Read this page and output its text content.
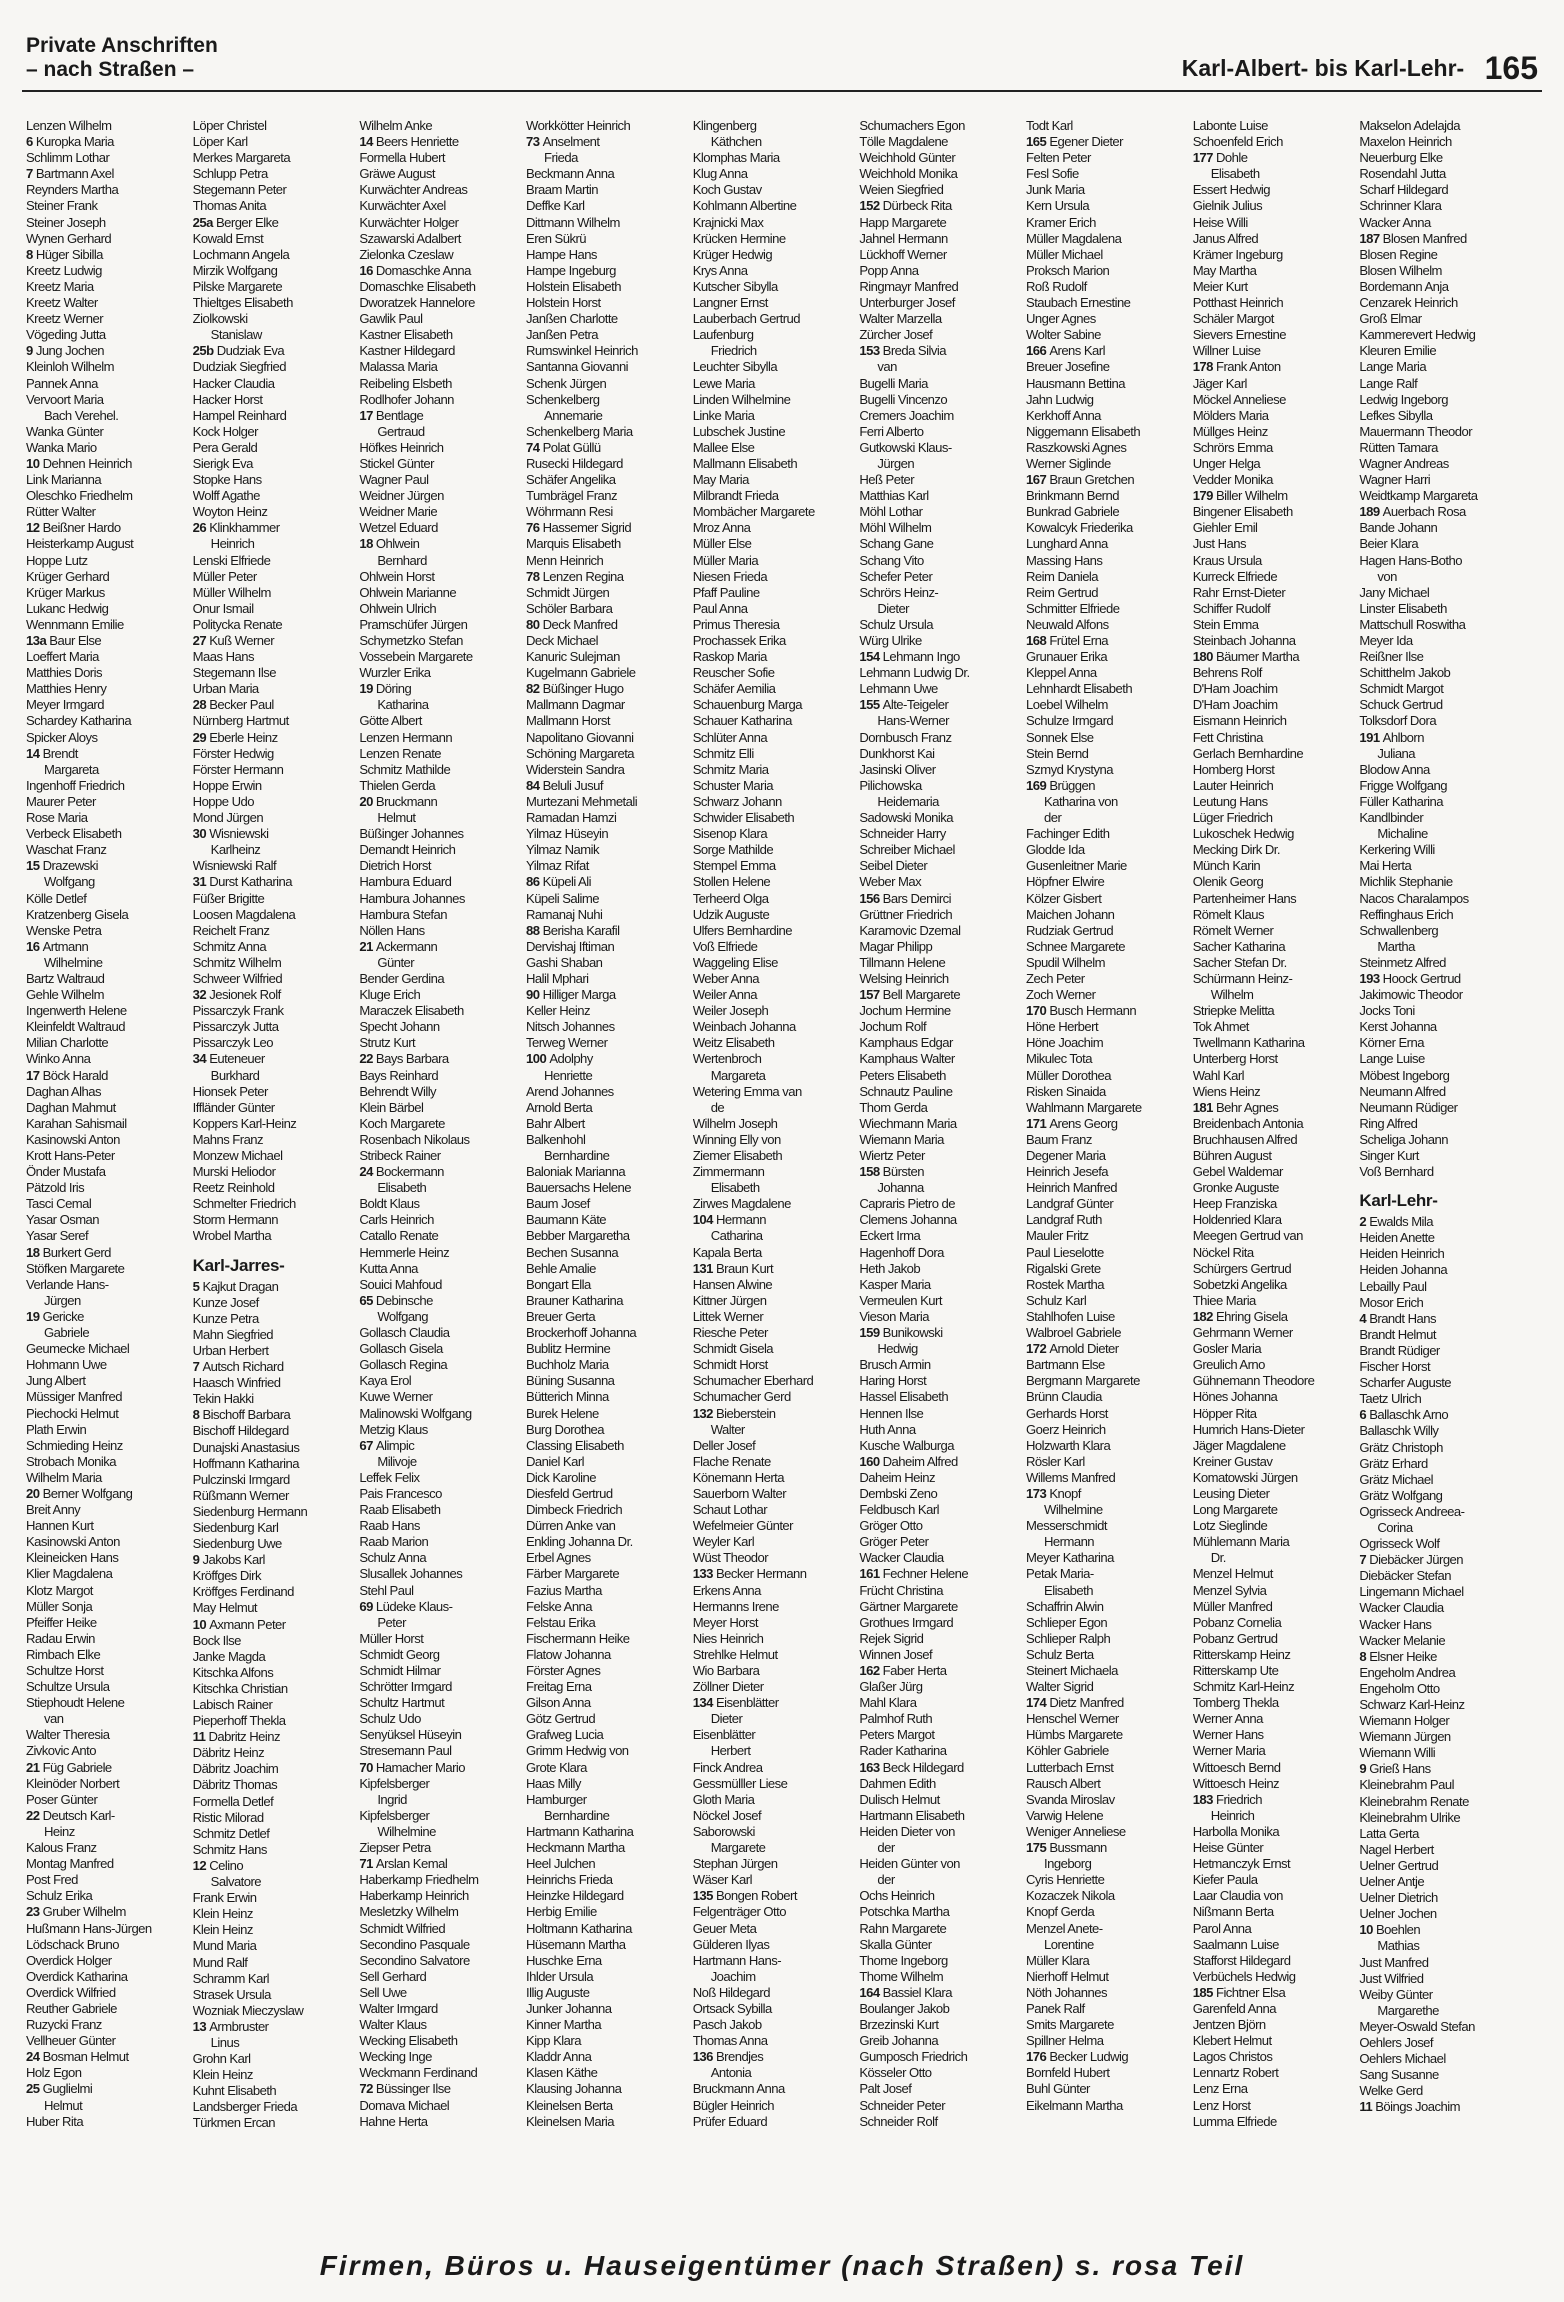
Private Anschriften
– nach Straßen –	Karl-Albert- bis Karl-Lehr- 165
Lenzen Wilhelm
6 Kuropka Maria
Schlimm Lothar
7 Bartmann Axel
Reynders Martha
Steiner Frank
Steiner Joseph
Wynen Gerhard
8 Hüger Sibilla
Kreetz Ludwig
Kreetz Maria
Kreetz Walter
Kreetz Werner
Vögeding Jutta
9 Jung Jochen
Kleinloh Wilhelm
Pannek Anna
Vervoort Maria
Bach Verehel.
Wanka Günter
Wanka Mario
10 Dehnen Heinrich
Link Marianna
Oleschko Friedhelm
Rütter Walter
12 Beißner Hardo
Heisterkamp August
Hoppe Lutz
Krüger Gerhard
Krüger Markus
Lukanc Hedwig
Wennmann Emilie
13a Baur Else
Loeffert Maria
Matthies Doris
Matthies Henry
Meyer Irmgard
Schardey Katharina
Spicker Aloys
14 Brendt
Margareta
Ingenhoff Friedrich
Maurer Peter
Rose Maria
Verbeck Elisabeth
Waschat Franz
15 Drazewski
Wolfgang
Kölle Detlef
Kratzenberg Gisela
Wenske Petra
16 Artmann
Wilhelmine
Bartz Waltraud
Gehle Wilhelm
Ingenwerth Helene
Kleinfeldt Waltraud
Milian Charlotte
Winko Anna
17 Böck Harald
Daghan Alhas
Daghan Mahmut
Karahan Sahismail
Kasinowski Anton
Krott Hans-Peter
Önder Mustafa
Pätzold Iris
Tasci Cemal
Yasar Osman
Yasar Seref
18 Burkert Gerd
Stöfken Margarete
Verlande Hans-
Jürgen
19 Gericke
Gabriele
Geumecke Michael
Hohmann Uwe
Jung Albert
Müssiger Manfred
Piechocki Helmut
Plath Erwin
Schmieding Heinz
Strobach Monika
Wilhelm Maria
20 Berner Wolfgang
Breit Anny
Hannen Kurt
Kasinowski Anton
Kleineicken Hans
Klier Magdalena
Klotz Margot
Müller Sonja
Pfeiffer Heike
Radau Erwin
Rimbach Elke
Schultze Horst
Schultze Ursula
Stiephoudt Helene
van
Walter Theresia
Zivkovic Anto
21 Füg Gabriele
Kleinöder Norbert
Poser Günter
22 Deutsch Karl-
Heinz
Kalous Franz
Montag Manfred
Post Fred
Schulz Erika
23 Gruber Wilhelm
Hußmann Hans-Jürgen
Lödschack Bruno
Overdick Holger
Overdick Katharina
Overdick Wilfried
Reuther Gabriele
Ruzycki Franz
Vellheuer Günter
24 Bosman Helmut
Holz Egon
25 Guglielmi
Helmut
Huber Rita
Löper Christel
Löper Karl
Merkes Margareta
Schlupp Petra
Stegemann Peter
Thomas Anita
25a Berger Elke
Kowald Ernst
Lochmann Angela
Mirzik Wolfgang
Pilske Margarete
Thieltges Elisabeth
Ziolkowski
Stanislaw
25b Dudziak Eva
Dudziak Siegfried
Hacker Claudia
Hacker Horst
Hampel Reinhard
Kock Holger
Pera Gerald
Sierigk Eva
Stopke Hans
Wolff Agathe
Woyton Heinz
26 Klinkhammer
Heinrich
Lenski Elfriede
Müller Peter
Müller Wilhelm
Onur Ismail
Politycka Renate
27 Kuß Werner
Maas Hans
Stegemann Ilse
Urban Maria
28 Becker Paul
Nürnberg Hartmut
29 Eberle Heinz
Förster Hedwig
Förster Hermann
Hoppe Erwin
Hoppe Udo
Mond Jürgen
30 Wisniewski
Karlheinz
Wisniewski Ralf
31 Durst Katharina
Füßer Brigitte
Loosen Magdalena
Reichelt Franz
Schmitz Anna
Schmitz Wilhelm
Schweer Wilfried
32 Jesionek Rolf
Pissarczyk Frank
Pissarczyk Jutta
Pissarczyk Leo
34 Euteneuer
Burkhard
Hionsek Peter
Iffländer Günter
Koppers Karl-Heinz
Mahns Franz
Monzew Michael
Murski Heliodor
Reetz Reinhold
Schmelter Friedrich
Storm Hermann
Wrobel Martha
Karl-Jarres-
5 Kajkut Dragan
Kunze Josef
Kunze Petra
Mahn Siegfried
Urban Herbert
7 Autsch Richard
Haasch Winfried
Tekin Hakki
8 Bischoff Barbara
Bischoff Hildegard
Dunajski Anastasius
Hoffmann Katharina
Pulczinski Irmgard
Rüßmann Werner
Siedenburg Hermann
Siedenburg Karl
Siedenburg Uwe
9 Jakobs Karl
Kröffges Dirk
Kröffges Ferdinand
May Helmut
10 Axmann Peter
Bock Ilse
Janke Magda
Kitschka Alfons
Kitschka Christian
Labisch Rainer
Pieperhoff Thekla
11 Dabritz Heinz
Däbritz Heinz
Däbritz Joachim
Däbritz Thomas
Formella Detlef
Ristic Milorad
Schmitz Detlef
Schmitz Hans
12 Celino
Salvatore
Frank Erwin
Klein Heinz
Klein Heinz
Mund Maria
Mund Ralf
Schramm Karl
Strasek Ursula
Wozniak Mieczyslaw
13 Armbruster
Linus
Grohn Karl
Klein Heinz
Kuhnt Elisabeth
Landsberger Frieda
Türkmen Ercan
Wilhelm Anke
14 Beers Henriette
Formella Hubert
Gräwe August
Kurwächter Andreas
Kurwächter Axel
Kurwächter Holger
Szawarski Adalbert
Zielonka Czeslaw
16 Domaschke Anna
Domaschke Elisabeth
Dworatzek Hannelore
Gawlik Paul
Kastner Elisabeth
Kastner Hildegard
Malassa Maria
Reibeling Elsbeth
Rodlhofer Johann
17 Bentlage
Gertraud
Höfkes Heinrich
Stickel Günter
Wagner Paul
Weidner Jürgen
Weidner Marie
Wetzel Eduard
18 Ohlwein
Bernhard
Ohlwein Horst
Ohlwein Marianne
Ohlwein Ulrich
Pramschüfer Jürgen
Schymetzko Stefan
Vossebein Margarete
Wurzler Erika
19 Döring
Katharina
Götte Albert
Lenzen Hermann
Lenzen Renate
Schmitz Mathilde
Thielen Gerda
20 Bruckmann
Helmut
Büßinger Johannes
Demandt Heinrich
Dietrich Horst
Hambura Eduard
Hambura Johannes
Hambura Stefan
Nöllen Hans
21 Ackermann
Günter
Bender Gerdina
Kluge Erich
Maraczek Elisabeth
Specht Johann
Strutz Kurt
22 Bays Barbara
Bays Reinhard
Behrendt Willy
Klein Bärbel
Koch Margarete
Rosenbach Nikolaus
Stribeck Rainer
24 Bockermann
Elisabeth
Boldt Klaus
Carls Heinrich
Catallo Renate
Hemmerle Heinz
Kutta Anna
Souici Mahfoud
65 Debinsche
Wolfgang
Gollasch Claudia
Gollasch Gisela
Gollasch Regina
Kaya Erol
Kuwe Werner
Malinowski Wolfgang
Metzig Klaus
67 Alimpic
Milivoje
Leffek Felix
Pais Francesco
Raab Elisabeth
Raab Hans
Raab Marion
Schulz Anna
Slusallek Johannes
Stehl Paul
69 Lüdeke Klaus-
Peter
Müller Horst
Schmidt Georg
Schmidt Hilmar
Schrötter Irmgard
Schultz Hartmut
Schulz Udo
Senyüksel Hüseyin
Stresemann Paul
70 Hamacher Mario
Kipfelsberger
Ingrid
Kipfelsberger
Wilhelmine
Ziepser Petra
71 Arslan Kemal
Haberkamp Friedhelm
Haberkamp Heinrich
Mesletzky Wilhelm
Schmidt Wilfried
Secondino Pasquale
Secondino Salvatore
Sell Gerhard
Sell Uwe
Walter Irmgard
Walter Klaus
Wecking Elisabeth
Wecking Inge
Weckmann Ferdinand
72 Büssinger Ilse
Domava Michael
Hahne Herta
Workkötter Heinrich
73 Anselment
Frieda
Beckmann Anna
Braam Martin
Deffke Karl
Dittmann Wilhelm
Eren Sükrü
Hampe Hans
Hampe Ingeburg
Holstein Elisabeth
Holstein Horst
Janßen Charlotte
Janßen Petra
Rumswinkel Heinrich
Santanna Giovanni
Schenk Jürgen
Schenkelberg
Annemarie
Schenkelberg Maria
74 Polat Güllü
Rusecki Hildegard
Schäfer Angelika
Tumbrägel Franz
Wöhrmann Resi
76 Hassemer Sigrid
Marquis Elisabeth
Menn Heinrich
78 Lenzen Regina
Schmidt Jürgen
Schöler Barbara
80 Deck Manfred
Deck Michael
Kanuric Sulejman
Kugelmann Gabriele
82 Büßinger Hugo
Mallmann Dagmar
Mallmann Horst
Napolitano Giovanni
Schöning Margareta
Widerstein Sandra
84 Beluli Jusuf
Murtezani Mehmetali
Ramadan Hamzi
Yilmaz Hüseyin
Yilmaz Namik
Yilmaz Rifat
86 Küpeli Ali
Küpeli Salime
Ramanaj Nuhi
88 Berisha Karafil
Dervishaj Iftiman
Gashi Shaban
Halil Mphari
90 Hilliger Marga
Keller Heinz
Nitsch Johannes
Terweg Werner
100 Adolphy
Henriette
Arend Johannes
Arnold Berta
Bahr Albert
Balkenhohl
Bernhardine
Baloniak Marianna
Bauersachs Helene
Baum Josef
Baumann Käte
Bebber Margaretha
Bechen Susanna
Behle Amalie
Bongart Ella
Brauner Katharina
Breuer Gerta
Brockerhoff Johanna
Bublitz Hermine
Buchholz Maria
Büning Susanna
Bütterich Minna
Burek Helene
Burg Dorothea
Classing Elisabeth
Daniel Karl
Dick Karoline
Diesfeld Gertrud
Dimbeck Friedrich
Dürren Anke van
Enkling Johanna Dr.
Erbel Agnes
Färber Margarete
Fazius Martha
Felske Anna
Felstau Erika
Fischermann Heike
Flatow Johanna
Förster Agnes
Freitag Erna
Gilson Anna
Götz Gertrud
Grafweg Lucia
Grimm Hedwig von
Grote Klara
Haas Milly
Hamburger
Bernhardine
Hartmann Katharina
Heckmann Martha
Heel Julchen
Heinrichs Frieda
Heinzke Hildegard
Herbig Emilie
Holtmann Katharina
Hüsemann Martha
Huschke Erna
Ihlder Ursula
Illig Auguste
Junker Johanna
Kinner Martha
Kipp Klara
Kladdr Anna
Klasen Käthe
Klausing Johanna
Kleinelsen Berta
Kleinelsen Maria
Klingenberg
Käthchen
Klomphas Maria
Klug Anna
Koch Gustav
Kohlmann Albertine
Krajnicki Max
Krücken Hermine
Krüger Hedwig
Krys Anna
Kutscher Sibylla
Langner Ernst
Lauberbach Gertrud
Laufenburg
Friedrich
Leuchter Sibylla
Lewe Maria
Linden Wilhelmine
Linke Maria
Lubschek Justine
Mallee Else
Mallmann Elisabeth
May Maria
Milbrandt Frieda
Mombächer Margarete
Mroz Anna
Müller Else
Müller Maria
Niesen Frieda
Pfaff Pauline
Paul Anna
Primus Theresia
Prochassek Erika
Raskop Maria
Reuscher Sofie
Schäfer Aemilia
Schauenburg Marga
Schauer Katharina
Schlüter Anna
Schmitz Elli
Schmitz Maria
Schuster Maria
Schwarz Johann
Schwider Elisabeth
Sisenop Klara
Sorge Mathilde
Stempel Emma
Stollen Helene
Terheerd Olga
Udzik Auguste
Ulfers Bernhardine
Voß Elfriede
Waggeling Elise
Weber Anna
Weiler Anna
Weiler Joseph
Weinbach Johanna
Weitz Elisabeth
Wertenbroch
Margareta
Wetering Emma van
de
Wilhelm Joseph
Winning Elly von
Ziemer Elisabeth
Zimmermann
Elisabeth
Zirwes Magdalene
104 Hermann
Catharina
Kapala Berta
131 Braun Kurt
Hansen Alwine
Kittner Jürgen
Littek Werner
Riesche Peter
Schmidt Gisela
Schmidt Horst
Schumacher Eberhard
Schumacher Gerd
132 Bieberstein
Walter
Deller Josef
Flache Renate
Könemann Herta
Sauerborn Walter
Schaut Lothar
Wefelmeier Günter
Weyler Karl
Wüst Theodor
133 Becker Hermann
Erkens Anna
Hermanns Irene
Meyer Horst
Nies Heinrich
Strehlke Helmut
Wio Barbara
Zöllner Dieter
134 Eisenblätter
Dieter
Eisenblätter
Herbert
Finck Andrea
Gessmülller Liese
Gloth Maria
Nöckel Josef
Saborowski
Margarete
Stephan Jürgen
Wäser Karl
135 Bongen Robert
Felgenträger Otto
Geuer Meta
Gülderen Ilyas
Hartmann Hans-
Joachim
Noß Hildegard
Ortsack Sybilla
Pasch Jakob
Thomas Anna
136 Brendjes
Antonia
Bruckmann Anna
Bügler Heinrich
Prüfer Eduard
Schumachers Egon
Tölle Magdalene
Weichhold Günter
Weichhold Monika
Weien Siegfried
152 Dürbeck Rita
Happ Margarete
Jahnel Hermann
Lückhoff Werner
Popp Anna
Ringmayr Manfred
Unterburger Josef
Walter Marzella
Zürcher Josef
153 Breda Silvia
van
Bugelli Maria
Bugelli Vincenzo
Cremers Joachim
Ferri Alberto
Gutkowski Klaus-
Jürgen
Heß Peter
Matthias Karl
Möhl Lothar
Möhl Wilhelm
Schang Gane
Schang Vito
Schefer Peter
Schrörs Heinz-
Dieter
Schulz Ursula
Würg Ulrike
154 Lehmann Ingo
Lehmann Ludwig Dr.
Lehmann Uwe
155 Alte-Teigeler
Hans-Werner
Dornbusch Franz
Dunkhorst Kai
Jasinski Oliver
Pilichowska
Heidemaria
Sadowski Monika
Schneider Harry
Schreiber Michael
Seibel Dieter
Weber Max
156 Bars Demirci
Grüttner Friedrich
Karamovic Dzemal
Magar Philipp
Tillmann Helene
Welsing Heinrich
157 Bell Margarete
Jochum Hermine
Jochum Rolf
Kamphaus Edgar
Kamphaus Walter
Peters Elisabeth
Schnautz Pauline
Thom Gerda
Wiechmann Maria
Wiemann Maria
Wiertz Peter
158 Bürsten
Johanna
Capraris Pietro de
Clemens Johanna
Eckert Irma
Hagenhoff Dora
Heth Jakob
Kasper Maria
Vermeulen Kurt
Vieson Maria
159 Bunikowski
Hedwig
Brusch Armin
Haring Horst
Hassel Elisabeth
Hennen Ilse
Huth Anna
Kusche Walburga
160 Daheim Alfred
Daheim Heinz
Dembski Zeno
Feldbusch Karl
Gröger Otto
Gröger Peter
Wacker Claudia
161 Fechner Helene
Frücht Christina
Gärtner Margarete
Grothues Irmgard
Rejek Sigrid
Winnen Josef
162 Faber Herta
Glaßer Jürg
Mahl Klara
Palmhof Ruth
Peters Margot
Rader Katharina
163 Beck Hildegard
Dahmen Edith
Dulisch Helmut
Hartmann Elisabeth
Heiden Dieter von
der
Heiden Günter von
der
Ochs Heinrich
Potschka Martha
Rahn Margarete
Skalla Günter
Thome Ingeborg
Thome Wilhelm
164 Bassiel Klara
Boulanger Jakob
Brzezinski Kurt
Greib Johanna
Gumposch Friedrich
Kösseler Otto
Palt Josef
Schneider Peter
Schneider Rolf
Todt Karl
165 Egener Dieter
Felten Peter
Fesl Sofie
Junk Maria
Kern Ursula
Kramer Erich
Müller Magdalena
Müller Michael
Proksch Marion
Roß Rudolf
Staubach Ernestine
Unger Agnes
Wolter Sabine
166 Arens Karl
Breuer Josefine
Hausmann Bettina
Jahn Ludwig
Kerkhoff Anna
Niggemann Elisabeth
Raszkowski Agnes
Werner Siglinde
167 Braun Gretchen
Brinkmann Bernd
Bunkrad Gabriele
Kowalcyk Friederika
Lunghard Anna
Massing Hans
Reim Daniela
Reim Gertrud
Schmitter Elfriede
Neuwald Alfons
168 Frütel Erna
Grunauer Erika
Kleppel Anna
Lehnhardt Elisabeth
Loebel Wilhelm
Schulze Irmgard
Sonnek Else
Stein Bernd
Szmyd Krystyna
169 Brüggen
Katharina von
der
Fachinger Edith
Glodde Ida
Gusenleitner Marie
Höpfner Elwire
Kölzer Gisbert
Maichen Johann
Rudziak Gertrud
Schnee Margarete
Spudil Wilhelm
Zech Peter
Zoch Werner
170 Busch Hermann
Höne Herbert
Höne Joachim
Mikulec Tota
Müller Dorothea
Risken Sinaida
Wahlmann Margarete
171 Arens Georg
Baum Franz
Degener Maria
Heinrich Jesefa
Heinrich Manfred
Landgraf Günter
Landgraf Ruth
Mauler Fritz
Paul Lieselotte
Rigalski Grete
Rostek Martha
Schulz Karl
Stahlhofen Luise
Walbroel Gabriele
172 Arnold Dieter
Bartmann Else
Bergmann Margarete
Brünn Claudia
Gerhards Horst
Goerz Heinrich
Holzwarth Klara
Rösler Karl
Willems Manfred
173 Knopf
Wilhelmine
Messerschmidt
Hermann
Meyer Katharina
Petak Maria-
Elisabeth
Schaffrin Alwin
Schlieper Egon
Schlieper Ralph
Schulz Berta
Steinert Michaela
Walter Sigrid
174 Dietz Manfred
Henschel Werner
Hümbs Margarete
Köhler Gabriele
Lutterbach Ernst
Rausch Albert
Svanda Miroslav
Varwig Helene
Weniger Anneliese
175 Bussmann
Ingeborg
Cyris Henriette
Kozaczek Nikola
Knopf Gerda
Menzel Anete-
Lorentine
Müller Klara
Nierhoff Helmut
Nöth Johannes
Panek Ralf
Smits Margarete
Spillner Helma
176 Becker Ludwig
Bornfeld Hubert
Buhl Günter
Eikelmann Martha
Labonte Luise
Schoenfeld Erich
177 Dohle
Elisabeth
Essert Hedwig
Gielnik Julius
Heise Willi
Janus Alfred
Krämer Ingeburg
May Martha
Meier Kurt
Potthast Heinrich
Schäler Margot
Sievers Ernestine
Willner Luise
178 Frank Anton
Jäger Karl
Möckel Anneliese
Mölders Maria
Müllges Heinz
Schrörs Emma
Unger Helga
Vedder Monika
179 Biller Wilhelm
Bingener Elisabeth
Giehler Emil
Just Hans
Kraus Ursula
Kurreck Elfriede
Rahr Ernst-Dieter
Schiffer Rudolf
Stein Emma
Steinbach Johanna
180 Bäumer Martha
Behrens Rolf
D'Ham Joachim
D'Ham Joachim
Eismann Heinrich
Fett Christina
Gerlach Bernhardine
Homberg Horst
Lauter Heinrich
Leutung Hans
Lüger Friedrich
Lukoschek Hedwig
Mecking Dirk Dr.
Münch Karin
Olenik Georg
Partenheimer Hans
Römelt Klaus
Römelt Werner
Sacher Katharina
Sacher Stefan Dr.
Schürmann Heinz-
Wilhelm
Striepke Melitta
Tok Ahmet
Twellmann Katharina
Unterberg Horst
Wahl Karl
Wiens Heinz
181 Behr Agnes
Breidenbach Antonia
Bruchhausen Alfred
Bühren August
Gebel Waldemar
Gronke Auguste
Heep Franziska
Holdenried Klara
Meegen Gertrud van
Nöckel Rita
Schürgers Gertrud
Sobetzki Angelika
Thiee Maria
182 Ehring Gisela
Gehrmann Werner
Gosler Maria
Greulich Arno
Gühnemann Theodore
Hönes Johanna
Höpper Rita
Humrich Hans-Dieter
Jäger Magdalene
Kreiner Gustav
Komatowski Jürgen
Leusing Dieter
Long Margarete
Lotz Sieglinde
Mühlemann Maria
Dr.
Menzel Helmut
Menzel Sylvia
Müller Manfred
Pobanz Cornelia
Pobanz Gertrud
Ritterskamp Heinz
Ritterskamp Ute
Schmitz Karl-Heinz
Tomberg Thekla
Werner Anna
Werner Hans
Werner Maria
Wittoesch Bernd
Wittoesch Heinz
183 Friedrich
Heinrich
Harbolla Monika
Heise Günter
Hetmanczyk Ernst
Kiefer Paula
Laar Claudia von
Nißmann Berta
Parol Anna
Saalmann Luise
Stafforst Hildegard
Verbüchels Hedwig
185 Fichtner Elsa
Garenfeld Anna
Jentzen Björn
Klebert Helmut
Lagos Christos
Lennartz Robert
Lenz Erna
Lenz Horst
Lumma Elfriede
Makselon Adelajda
Maxelon Heinrich
Neuerburg Elke
Rosendahl Jutta
Scharf Hildegard
Schrinner Klara
Wacker Anna
187 Blosen Manfred
Blosen Regine
Blosen Wilhelm
Bordemann Anja
Cenzarek Heinrich
Groß Elmar
Kammerevert Hedwig
Kleuren Emilie
Lange Maria
Lange Ralf
Ledwig Ingeborg
Lefkes Sibylla
Mauermann Theodor
Rütten Tamara
Wagner Andreas
Wagner Harri
Weidtkamp Margareta
189 Auerbach Rosa
Bande Johann
Beier Klara
Hagen Hans-Botho
von
Jany Michael
Linster Elisabeth
Mattschull Roswitha
Meyer Ida
Reißner Ilse
Schitthelm Jakob
Schmidt Margot
Schuck Gertrud
Tolksdorf Dora
191 Ahlborn
Juliana
Blodow Anna
Frigge Wolfgang
Füller Katharina
Kandlbinder
Michaline
Kerkering Willi
Mai Herta
Michlik Stephanie
Nacos Charalampos
Reffinghaus Erich
Schwallenberg
Martha
Steinmetz Alfred
193 Hoock Gertrud
Jakimowic Theodor
Jocks Toni
Kerst Johanna
Körner Erna
Lange Luise
Möbest Ingeborg
Neumann Alfred
Neumann Rüdiger
Ring Alfred
Scheliga Johann
Singer Kurt
Voß Bernhard
Karl-Lehr-
2 Ewalds Mila
Heiden Anette
Heiden Heinrich
Heiden Johanna
Lebailly Paul
Mosor Erich
4 Brandt Hans
Brandt Helmut
Brandt Rüdiger
Fischer Horst
Scharfer Auguste
Taetz Ulrich
6 Ballaschk Arno
Ballaschk Willy
Grätz Christoph
Grätz Erhard
Grätz Michael
Grätz Wolfgang
Ogrisseck Andreea-
Corina
Ogrisseck Wolf
7 Diebäcker Jürgen
Diebäcker Stefan
Lingemann Michael
Wacker Claudia
Wacker Hans
Wacker Melanie
8 Elsner Heike
Engeholm Andrea
Engeholm Otto
Schwarz Karl-Heinz
Wiemann Holger
Wiemann Jürgen
Wiemann Willi
9 Grieß Hans
Kleinebrahm Paul
Kleinebrahm Renate
Kleinebrahm Ulrike
Latta Gerta
Nagel Herbert
Uelner Gertrud
Uelner Antje
Uelner Dietrich
Uelner Jochen
10 Boehlen
Mathias
Just Manfred
Just Wilfried
Weiby Günter
Margarethe
Meyer-Oswald Stefan
Oehlers Josef
Oehlers Michael
Sang Susanne
Welke Gerd
11 Böings Joachim
Firmen, Büros u. Hauseigentümer (nach Straßen) s. rosa Teil
